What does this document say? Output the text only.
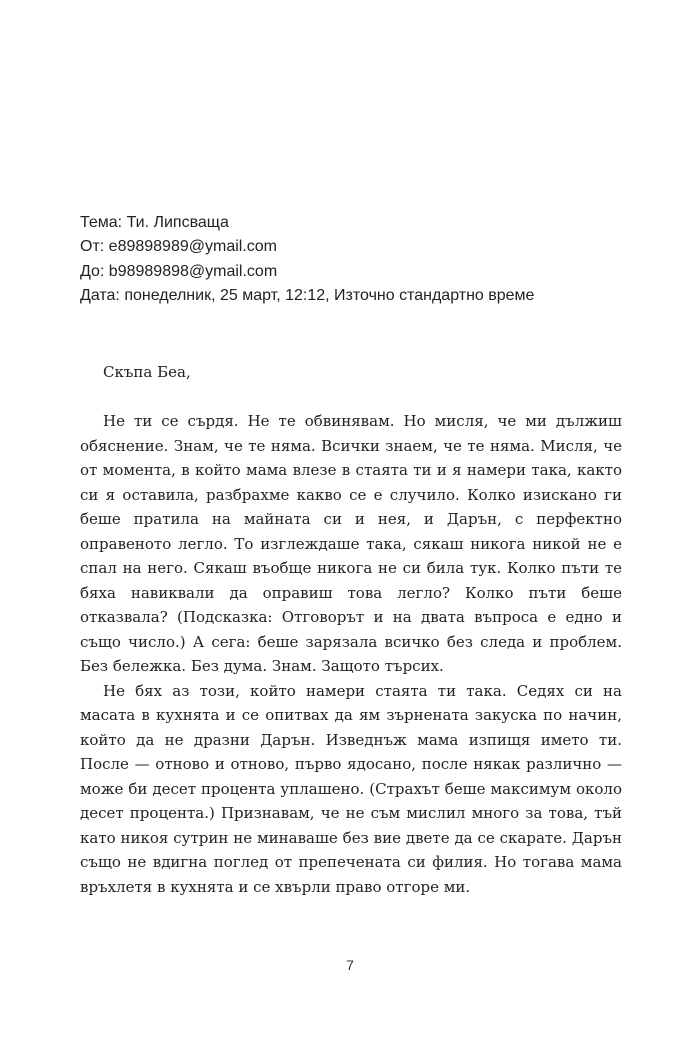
Тема: Ти. Липсваща
От: e89898989@ymail.com
До: b98989898@ymail.com
Дата: понеделник, 25 март, 12:12, Източно стандартно време

Скъпа Беа,

Не ти се сърдя. Не те обвинявам. Но мисля, че ми дължиш обяснение. Знам, че те няма. Всички знаем, че те няма. Мисля, че от момента, в който мама влезе в стаята ти и я намери така, както си я оставила, разбрахме какво се е случило. Колко изискано ги беше пратила на майната си и нея, и Дарън, с перфектно оправеното легло. То изглеждаше така, сякаш никога никой не е спал на него. Сякаш въобще никога не си била тук. Колко пъти те бяха навиквали да оправиш това легло? Колко пъти беше отказвала? (Подсказка: Отговорът и на двата въпроса е едно и също число.) А сега: беше зарязала всичко без следа и проблем. Без бележка. Без дума. Знам. Защото търсих.

Не бях аз този, който намери стаята ти така. Седях си на масата в кухнята и се опитвах да ям зърнената закуска по начин, който да не дразни Дарън. Изведнъж мама изпищя името ти. После — отново и отново, първо ядосано, после някак различно — може би десет процента уплашено. (Страхът беше максимум около десет процента.) Признавам, че не съм мислил много за това, тъй като никоя сутрин не минаваше без вие двете да се скарате. Дарън също не вдигна поглед от препечената си филия. Но тогава мама връхлетя в кухнята и се хвърли право отгоре ми.

7
